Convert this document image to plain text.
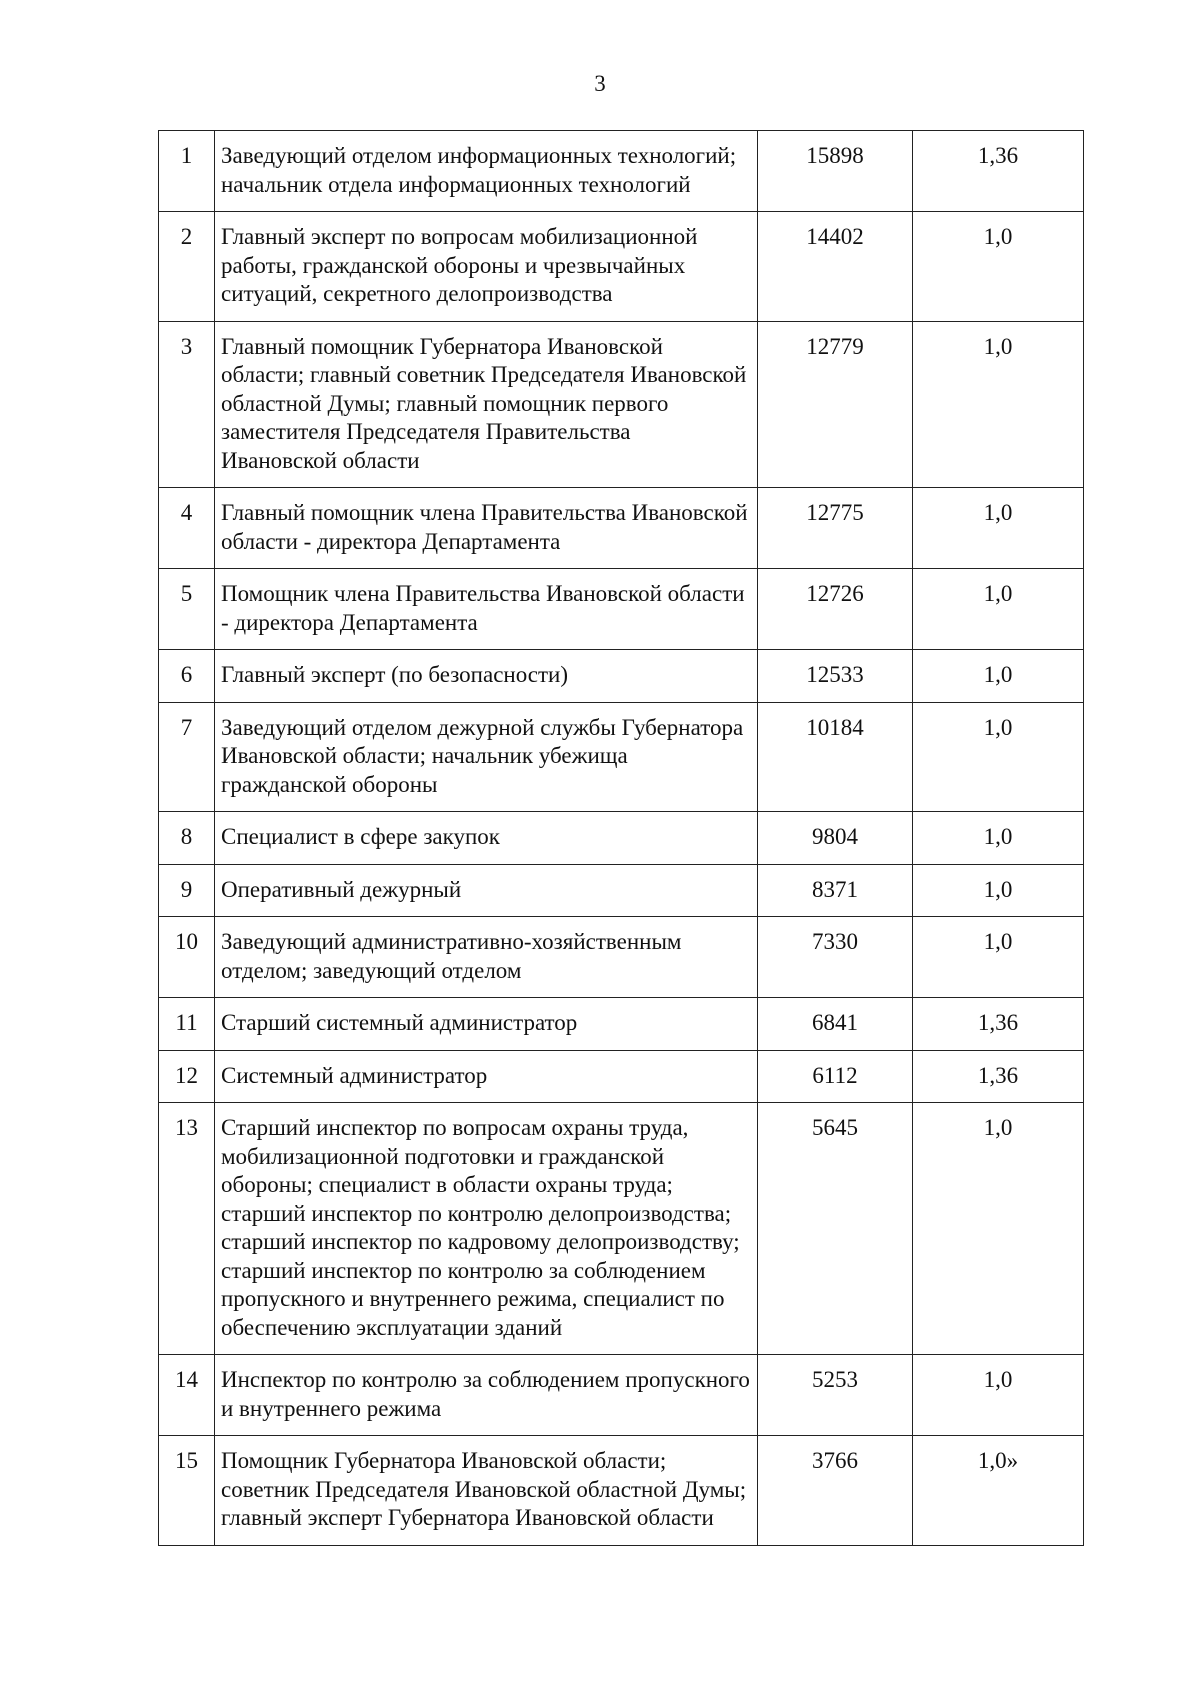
3
1	Заведующий отделом информационных технологий; начальник отдела информационных технологий	15898	1,36
2	Главный эксперт по вопросам мобилизационной работы, гражданской обороны и чрезвычайных ситуаций, секретного делопроизводства	14402	1,0
3	Главный помощник Губернатора Ивановской области; главный советник Председателя Ивановской областной Думы; главный помощник первого заместителя Председателя Правительства Ивановской области	12779	1,0
4	Главный помощник члена Правительства Ивановской области - директора Департамента	12775	1,0
5	Помощник члена Правительства Ивановской области - директора Департамента	12726	1,0
6	Главный эксперт (по безопасности)	12533	1,0
7	Заведующий отделом дежурной службы Губернатора Ивановской области; начальник убежища гражданской обороны	10184	1,0
8	Специалист в сфере закупок	9804	1,0
9	Оперативный дежурный	8371	1,0
10	Заведующий административно-хозяйственным отделом; заведующий отделом	7330	1,0
11	Старший системный администратор	6841	1,36
12	Системный администратор	6112	1,36
13	Старший инспектор по вопросам охраны труда, мобилизационной подготовки и гражданской обороны; специалист в области охраны труда; старший инспектор по контролю делопроизводства; старший инспектор по кадровому делопроизводству; старший инспектор по контролю за соблюдением пропускного и внутреннего режима, специалист по обеспечению эксплуатации зданий	5645	1,0
14	Инспектор по контролю за соблюдением пропускного и внутреннего режима	5253	1,0
15	Помощник Губернатора Ивановской области; советник Председателя Ивановской областной Думы; главный эксперт Губернатора Ивановской области	3766	1,0»
